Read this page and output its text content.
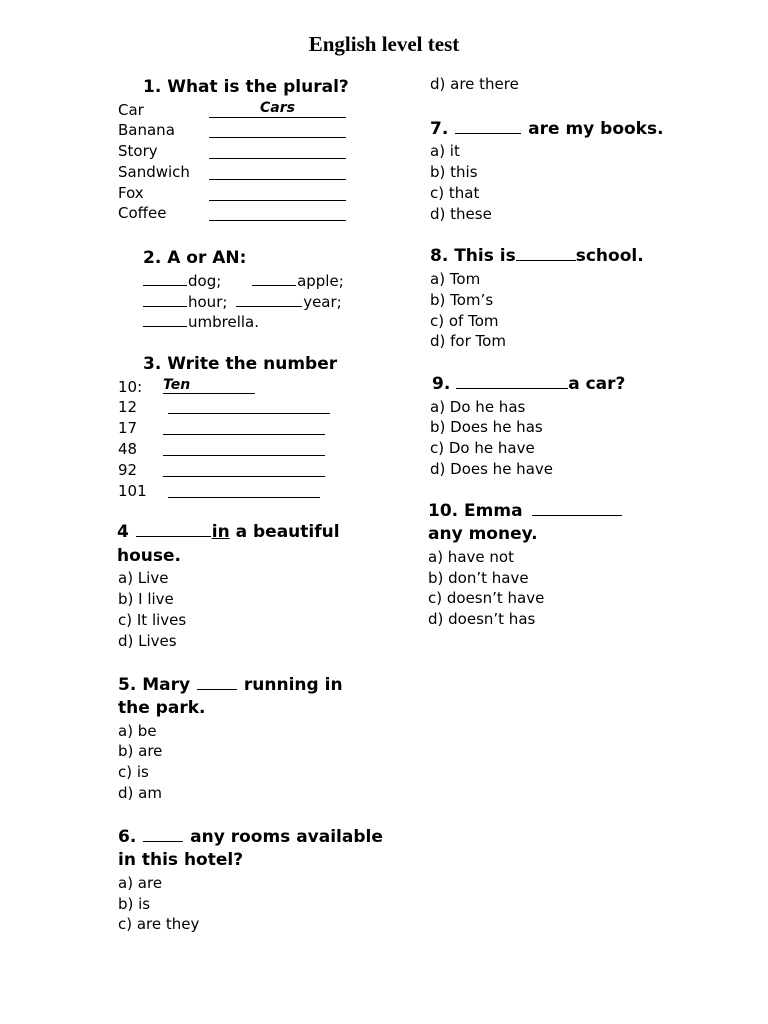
English level test
1. What is the plural?
Car	Cars
Banana
Story
Sandwich
Fox
Coffee
2. A or AN:
dog;	apple;
hour;	year;
umbrella.
3. Write the number
10:	Ten
12
17
48
92
101
4	in a beautiful house.
a) Live
b) I live
c) It lives
d) Lives
5. Mary  running in the park.
a) be
b) are
c) is
d) am
6.  any rooms available in this hotel?
a) are
b) is
c) are they
d) are there
7.	are my books.
a) it
b) this
c) that
d) these
8. This is	school.
a) Tom
b) Tom’s
c) of Tom
d) for Tom
9.	a car?
a) Do he has
b) Does he has
c) Do he have
d) Does he have
10. Emma  any money.
a) have not
b) don’t have
c) doesn’t have
d) doesn’t has
